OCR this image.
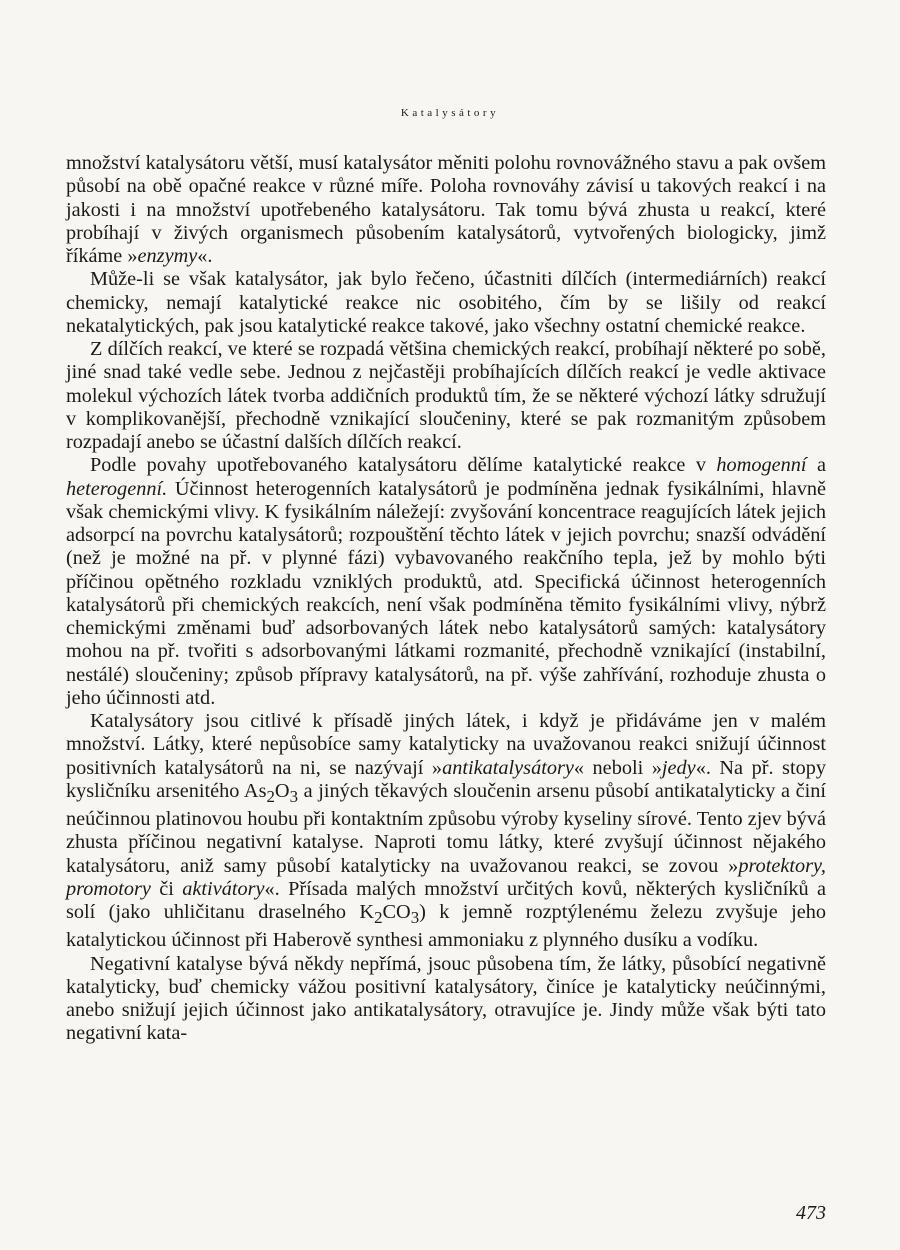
Katalysátory

množství katalysátoru větší, musí katalysátor měniti polohu rovnovážného stavu a pak ovšem působí na obě opačné reakce v různé míře. Poloha rovnováhy závisí u takových reakcí i na jakosti i na množství upotřebeného katalysátoru. Tak tomu bývá zhusta u reakcí, které probíhají v živých organismech působením katalysátorů, vytvořených biologicky, jimž říkáme »enzymy«.

Může-li se však katalysátor, jak bylo řečeno, účastniti dílčích (intermediárních) reakcí chemicky, nemají katalytické reakce nic osobitého, čím by se lišily od reakcí nekatalytických, pak jsou katalytické reakce takové, jako všechny ostatní chemické reakce.

Z dílčích reakcí, ve které se rozpadá většina chemických reakcí, probíhají některé po sobě, jiné snad také vedle sebe. Jednou z nejčastěji probíhajících dílčích reakcí je vedle aktivace molekul výchozích látek tvorba addičních produktů tím, že se některé výchozí látky sdružují v komplikovanější, přechodně vznikající sloučeniny, které se pak rozmanitým způsobem rozpadají anebo se účastní dalších dílčích reakcí.

Podle povahy upotřebovaného katalysátoru dělíme katalytické reakce v homogenní a heterogenní. Účinnost heterogenních katalysátorů je podmíněna jednak fysikálními, hlavně však chemickými vlivy. K fysikálním náležejí: zvyšování koncentrace reagujících látek jejich adsorpcí na povrchu katalysátorů; rozpouštění těchto látek v jejich povrchu; snazší odvádění (než je možné na př. v plynné fázi) vybavovaného reakčního tepla, jež by mohlo býti příčinou opětného rozkladu vzniklých produktů, atd. Specifická účinnost heterogenních katalysátorů při chemických reakcích, není však podmíněna těmito fysikálními vlivy, nýbrž chemickými změnami buď adsorbovaných látek nebo katalysátorů samých: katalysátory mohou na př. tvořiti s adsorbovanými látkami rozmanité, přechodně vznikající (instabilní, nestálé) sloučeniny; způsob přípravy katalysátorů, na př. výše zahřívání, rozhoduje zhusta o jeho účinnosti atd.

Katalysátory jsou citlivé k přísadě jiných látek, i když je přidáváme jen v malém množství. Látky, které nepůsobíce samy katalyticky na uvažovanou reakci snižují účinnost positivních katalysátorů na ni, se nazývají »antikatalysátory« neboli »jedy«. Na př. stopy kysličníku arsenitého $As_2O_3$ a jiných těkavých sloučenin arsenu působí antikatalyticky a činí neúčinnou platinovou houbu při kontaktním způsobu výroby kyseliny sírové. Tento zjev bývá zhusta příčinou negativní katalyse. Naproti tomu látky, které zvyšují účinnost nějakého katalysátoru, aniž samy působí katalyticky na uvažovanou reakci, se zovou »protektory, promotory či aktivátory«. Přísada malých množství určitých kovů, některých kysličníků a solí (jako uhličitanu draselného $K_2CO_3$) k jemně rozptýlenému železu zvyšuje jeho katalytickou účinnost při Haberově synthesi ammoniaku z plynného dusíku a vodíku.

Negativní katalyse bývá někdy nepřímá, jsouc působena tím, že látky, působící negativně katalyticky, buď chemicky vážou positivní katalysátory, činíce je katalyticky neúčinnými, anebo snižují jejich účinnost jako antikatalysátory, otravujíce je. Jindy může však býti tato negativní kata-

473
